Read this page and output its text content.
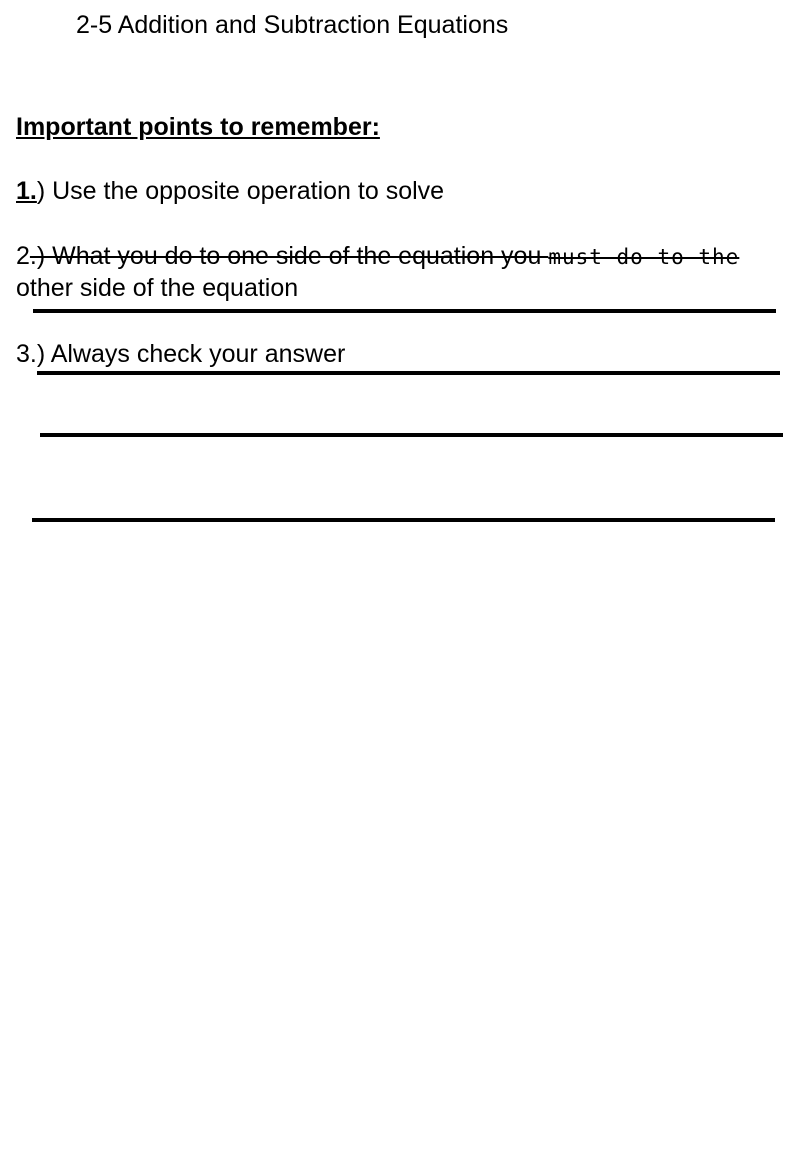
2-5 Addition and Subtraction Equations
Important points to remember:
1.) Use the opposite operation to solve
2.) What you do to one side of the equation you must do to the
other side of the equation
3.) Always check your answer
